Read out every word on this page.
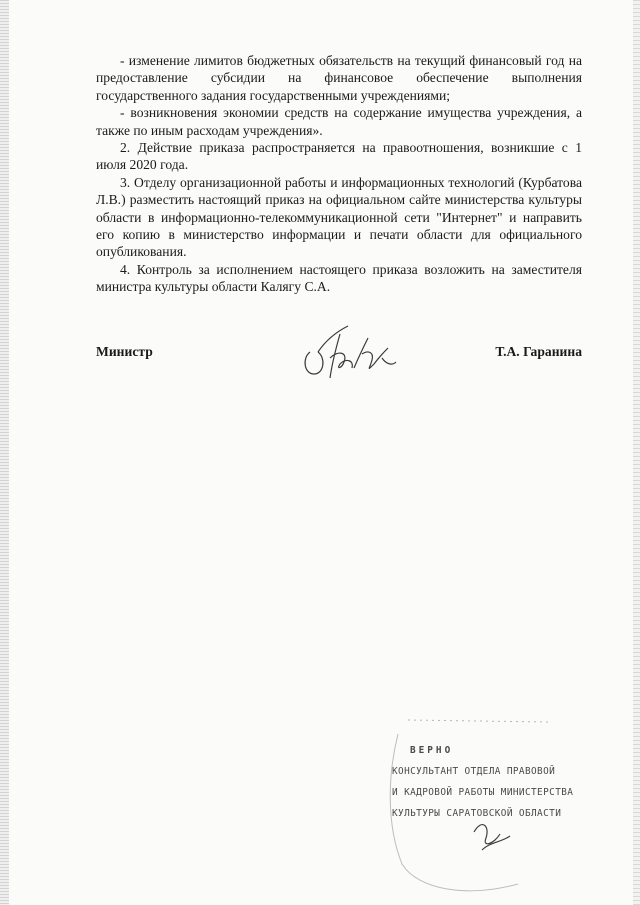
- изменение лимитов бюджетных обязательств на текущий финансовый год на предоставление субсидии на финансовое обеспечение выполнения государственного задания государственными учреждениями;

- возникновения экономии средств на содержание имущества учреждения, а также по иным расходам учреждения».

2. Действие приказа распространяется на правоотношения, возникшие с 1 июля 2020 года.

3. Отделу организационной работы и информационных технологий (Курбатова Л.В.) разместить настоящий приказ на официальном сайте министерства культуры области в информационно-телекоммуникационной сети "Интернет" и направить его копию в министерство информации и печати области для официального опубликования.

4. Контроль за исполнением настоящего приказа возложить на заместителя министра культуры области Калягу С.А.

Министр	Т.А. Гаранина
ВЕРНО
КОНСУЛЬТАНТ ОТДЕЛА ПРАВОВОЙ
И КАДРОВОЙ РАБОТЫ МИНИСТЕРСТВА
КУЛЬТУРЫ САРАТОВСКОЙ ОБЛАСТИ
